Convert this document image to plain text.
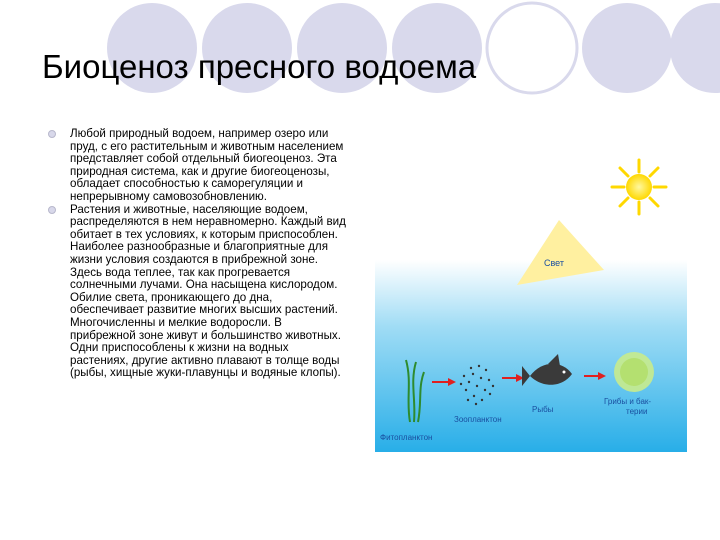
Биоценоз пресного водоема
Любой природный водоем, например озеро или пруд, с его растительным и животным населением представляет собой отдельный биогеоценоз. Эта природная система, как и другие биогеоценозы, обладает способностью к саморегуляции и непрерывному самовозобновлению.
Растения и животные, населяющие водоем, распределяются в нем неравномерно. Каждый вид обитает в тех условиях, к которым приспособлен. Наиболее разнообразные и благоприятные для жизни условия создаются в прибрежной зоне. Здесь вода теплее, так как прогревается солнечными лучами. Она насыщена кислородом. Обилие света, проникающего до дна, обеспечивает развитие многих высших растений. Многочисленны и мелкие водоросли. В прибрежной зоне живут и большинство животных. Одни приспособлены к жизни на водных растениях, другие активно плавают в толще воды (рыбы, хищные жуки-плавунцы и водяные клопы).
Свет
Фитопланктон
Зоопланктон
Рыбы
Грибы и бак-
терии
